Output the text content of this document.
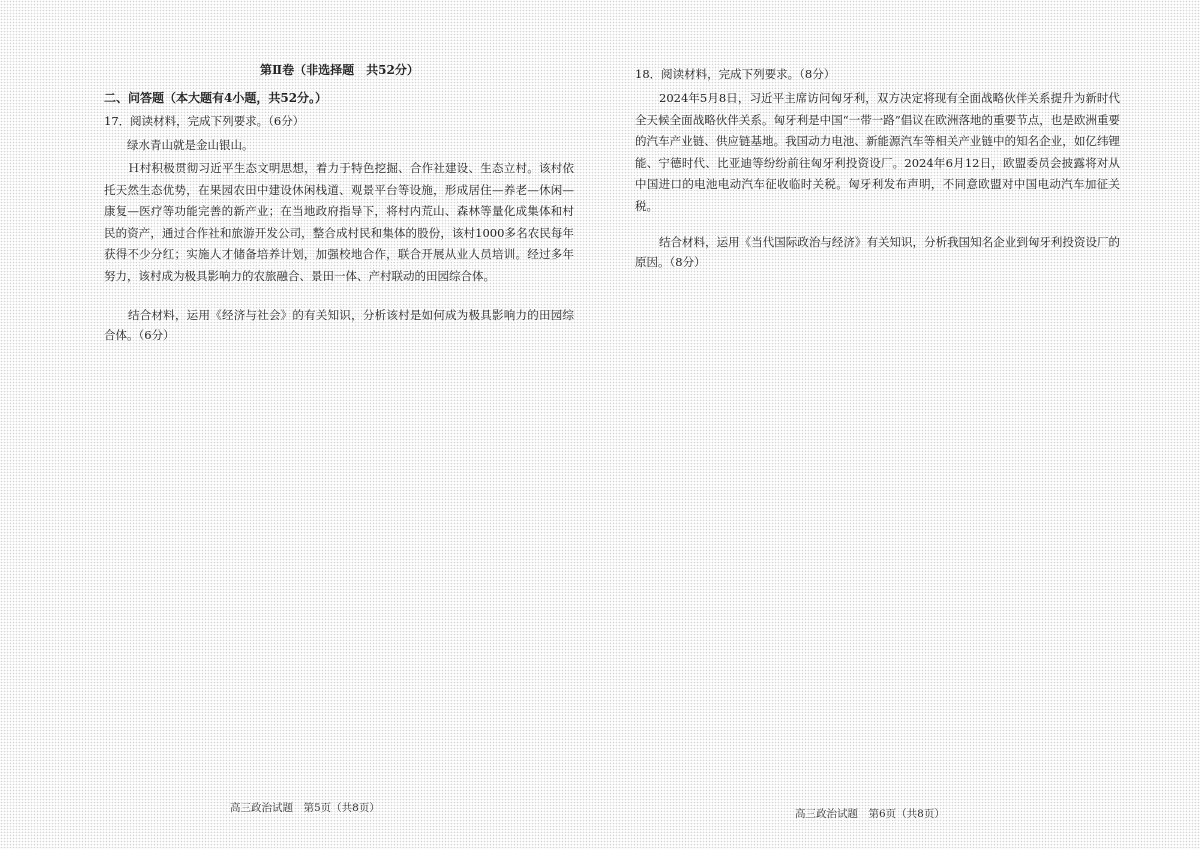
第Ⅱ卷（非选择题　共52分）

二、问答题（本大题有4小题，共52分。）

17．阅读材料，完成下列要求。（6分）

绿水青山就是金山银山。

Ｈ村积极贯彻习近平生态文明思想，着力于特色挖掘、合作社建设、生态立村。该村依托天然生态优势，在果园农田中建设休闲栈道、观景平台等设施，形成居住—养老—休闲—康复—医疗等功能完善的新产业；在当地政府指导下，将村内荒山、森林等量化成集体和村民的资产，通过合作社和旅游开发公司，整合成村民和集体的股份，该村1000多名农民每年获得不少分红；实施人才储备培养计划，加强校地合作，联合开展从业人员培训。经过多年努力，该村成为极具影响力的农旅融合、景田一体、产村联动的田园综合体。

结合材料，运用《经济与社会》的有关知识，分析该村是如何成为极具影响力的田园综合体。（6分）

高三政治试题　第5页（共8页）

18．阅读材料，完成下列要求。（8分）

2024年5月8日，习近平主席访问匈牙利，双方决定将现有全面战略伙伴关系提升为新时代全天候全面战略伙伴关系。匈牙利是中国“一带一路”倡议在欧洲落地的重要节点，也是欧洲重要的汽车产业链、供应链基地。我国动力电池、新能源汽车等相关产业链中的知名企业，如亿纬锂能、宁德时代、比亚迪等纷纷前往匈牙利投资设厂。2024年6月12日，欧盟委员会披露将对从中国进口的电池电动汽车征收临时关税。匈牙利发布声明，不同意欧盟对中国电动汽车加征关税。

结合材料，运用《当代国际政治与经济》有关知识，分析我国知名企业到匈牙利投资设厂的原因。（8分）

高三政治试题　第6页（共8页）
